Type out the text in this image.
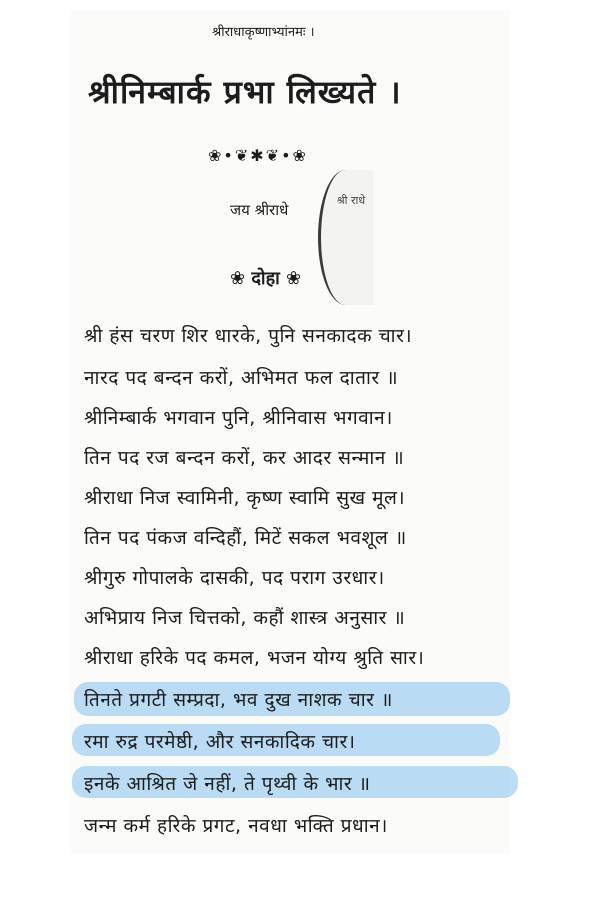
श्री राधे
श्रीराधाकृष्णाभ्यांनमः ।
श्रीनिम्बार्क प्रभा लिख्यते ।
❀•❦✱❦•❀
जय श्रीराधे
❀ दोहा ❀
श्री हंस चरण शिर धारके, पुनि सनकादक चार।
नारद पद बन्दन करों, अभिमत फल दातार ॥
श्रीनिम्बार्क भगवान पुनि, श्रीनिवास भगवान।
तिन पद रज बन्दन करों, कर आदर सन्मान ॥
श्रीराधा निज स्वामिनी, कृष्ण स्वामि सुख मूल।
तिन पद पंकज वन्दिहौं, मिटें सकल भवशूल ॥
श्रीगुरु गोपालके दासकी, पद पराग उरधार।
अभिप्राय निज चित्तको, कहौं शास्त्र अनुसार ॥
श्रीराधा हरिके पद कमल, भजन योग्य श्रुति सार।
तिनते प्रगटी सम्प्रदा, भव दुख नाशक चार ॥
रमा रुद्र परमेष्ठी, और सनकादिक चार।
इनके आश्रित जे नहीं, ते पृथ्वी के भार ॥
जन्म कर्म हरिके प्रगट, नवधा भक्ति प्रधान।
